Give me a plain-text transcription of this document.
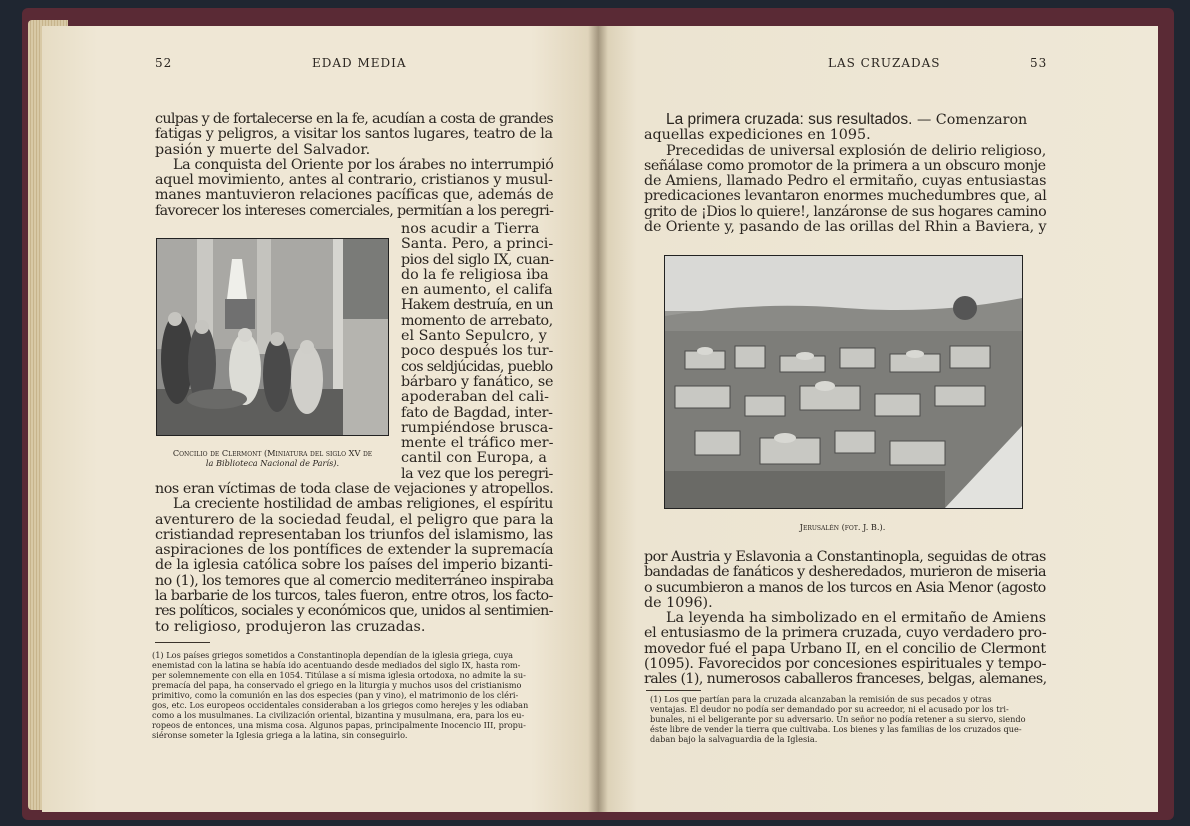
52	EDAD MEDIA
culpas y de fortalecerse en la fe, acudían a costa de grandes
fatigas y peligros, a visitar los santos lugares, teatro de la
pasión y muerte del Salvador.
La conquista del Oriente por los árabes no interrumpió
aquel movimiento, antes al contrario, cristianos y musul-
manes mantuvieron relaciones pacíficas que, además de
favorecer los intereses comerciales, permitían a los peregri-
Concilio de Clermont (Miniatura del siglo XV de
la Biblioteca Nacional de París).
nos acudir a Tierra
Santa. Pero, a princi-
pios del siglo IX, cuan-
do la fe religiosa iba
en aumento, el califa
Hakem destruía, en un
momento de arrebato,
el Santo Sepulcro, y
poco después los tur-
cos seldjúcidas, pueblo
bárbaro y fanático, se
apoderaban del cali-
fato de Bagdad, inter-
rumpiéndose brusca-
mente el tráfico mer-
cantil con Europa, a
la vez que los peregri-
nos eran víctimas de toda clase de vejaciones y atropellos.
La creciente hostilidad de ambas religiones, el espíritu
aventurero de la sociedad feudal, el peligro que para la
cristiandad representaban los triunfos del islamismo, las
aspiraciones de los pontífices de extender la supremacía
de la iglesia católica sobre los países del imperio bizanti-
no (1), los temores que al comercio mediterráneo inspiraba
la barbarie de los turcos, tales fueron, entre otros, los facto-
res políticos, sociales y económicos que, unidos al sentimien-
to religioso, produjeron las cruzadas.
(1) Los países griegos sometidos a Constantinopla dependían de la iglesia griega, cuya
enemistad con la latina se había ido acentuando desde mediados del siglo IX, hasta rom-
per solemnemente con ella en 1054. Titúlase a sí misma iglesia ortodoxa, no admite la su-
premacía del papa, ha conservado el griego en la liturgia y muchos usos del cristianismo
primitivo, como la comunión en las dos especies (pan y vino), el matrimonio de los cléri-
gos, etc. Los europeos occidentales consideraban a los griegos como herejes y les odiaban
como a los musulmanes. La civilización oriental, bizantina y musulmana, era, para los eu-
ropeos de entonces, una misma cosa. Algunos papas, principalmente Inocencio III, propu-
siéronse someter la Iglesia griega a la latina, sin conseguirlo.
LAS CRUZADAS	53
La primera cruzada: sus resultados. — Comenzaron
aquellas expediciones en 1095.
Precedidas de universal explosión de delirio religioso,
señálase como promotor de la primera a un obscuro monje
de Amiens, llamado Pedro el ermitaño, cuyas entusiastas
predicaciones levantaron enormes muchedumbres que, al
grito de ¡Dios lo quiere!, lanzáronse de sus hogares camino
de Oriente y, pasando de las orillas del Rhin a Baviera, y
Jerusalén (fot. J. B.).
por Austria y Eslavonia a Constantinopla, seguidas de otras
bandadas de fanáticos y desheredados, murieron de miseria
o sucumbieron a manos de los turcos en Asia Menor (agosto
de 1096).
La leyenda ha simbolizado en el ermitaño de Amiens
el entusiasmo de la primera cruzada, cuyo verdadero pro-
movedor fué el papa Urbano II, en el concilio de Clermont
(1095). Favorecidos por concesiones espirituales y tempo-
rales (1), numerosos caballeros franceses, belgas, alemanes,
(1) Los que partían para la cruzada alcanzaban la remisión de sus pecados y otras
ventajas. El deudor no podía ser demandado por su acreedor, ni el acusado por los tri-
bunales, ni el beligerante por su adversario. Un señor no podía retener a su siervo, siendo
éste libre de vender la tierra que cultivaba. Los bienes y las familias de los cruzados que-
daban bajo la salvaguardia de la Iglesia.
